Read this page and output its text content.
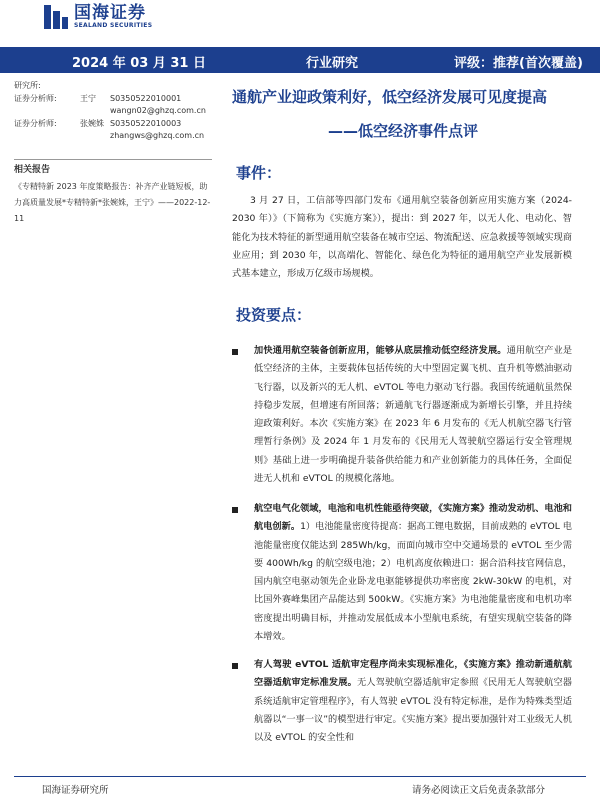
国海证券
SEALAND SECURITIES
2024 年 03 月 31 日	行业研究	评级：推荐(首次覆盖)
研究所:
证券分析师:	王宁	S0350522010001
wangn02@ghzq.com.cn
证券分析师:	张婉姝 S0350522010003
zhangws@ghzq.com.cn
相关报告
《专精特新 2023 年度策略报告：补齐产业链短板，助力高质量发展*专精特新*张婉姝，王宁》——2022-12-11
通航产业迎政策利好，低空经济发展可见度提高
——低空经济事件点评
事件：
3 月 27 日，工信部等四部门发布《通用航空装备创新应用实施方案（2024-2030 年）》（下简称为《实施方案》），提出：到 2027 年，以无人化、电动化、智能化为技术特征的新型通用航空装备在城市空运、物流配送、应急救援等领域实现商业应用；到 2030 年，以高端化、智能化、绿色化为特征的通用航空产业发展新模式基本建立，形成万亿级市场规模。
投资要点：
加快通用航空装备创新应用，能够从底层推动低空经济发展。通用航空产业是低空经济的主体，主要载体包括传统的大中型固定翼飞机、直升机等燃油驱动飞行器，以及新兴的无人机、eVTOL 等电力驱动飞行器。我国传统通航虽然保持稳步发展，但增速有所回落；新通航飞行器逐渐成为新增长引擎，并且持续迎政策利好。本次《实施方案》在 2023 年 6 月发布的《无人机航空器飞行管理暂行条例》及 2024 年 1 月发布的《民用无人驾驶航空器运行安全管理规则》基础上进一步明确提升装备供给能力和产业创新能力的具体任务，全面促进无人机和 eVTOL 的规模化落地。
航空电气化领域，电池和电机性能亟待突破，《实施方案》推动发动机、电池和航电创新。1）电池能量密度待提高：据高工锂电数据，目前成熟的 eVTOL 电池能量密度仅能达到 285Wh/kg，而面向城市空中交通场景的 eVTOL 至少需要 400Wh/kg 的航空级电池；2）电机高度依赖进口：据合沿科技官网信息，国内航空电驱动领先企业卧龙电驱能够提供功率密度 2kW-30kW 的电机，对比国外赛峰集团产品能达到 500kW。《实施方案》为电池能量密度和电机功率密度提出明确目标，并推动发展低成本小型航电系统，有望实现航空装备的降本增效。
有人驾驶 eVTOL 适航审定程序尚未实现标准化，《实施方案》推动新通航航空器适航审定标准发展。无人驾驶航空器适航审定参照《民用无人驾驶航空器系统适航审定管理程序》，有人驾驶 eVTOL 没有特定标准，是作为特殊类型适航器以“一事一议”的模型进行审定。《实施方案》提出要加强针对工业级无人机以及 eVTOL 的安全性和
国海证券研究所	请务必阅读正文后免责条款部分
